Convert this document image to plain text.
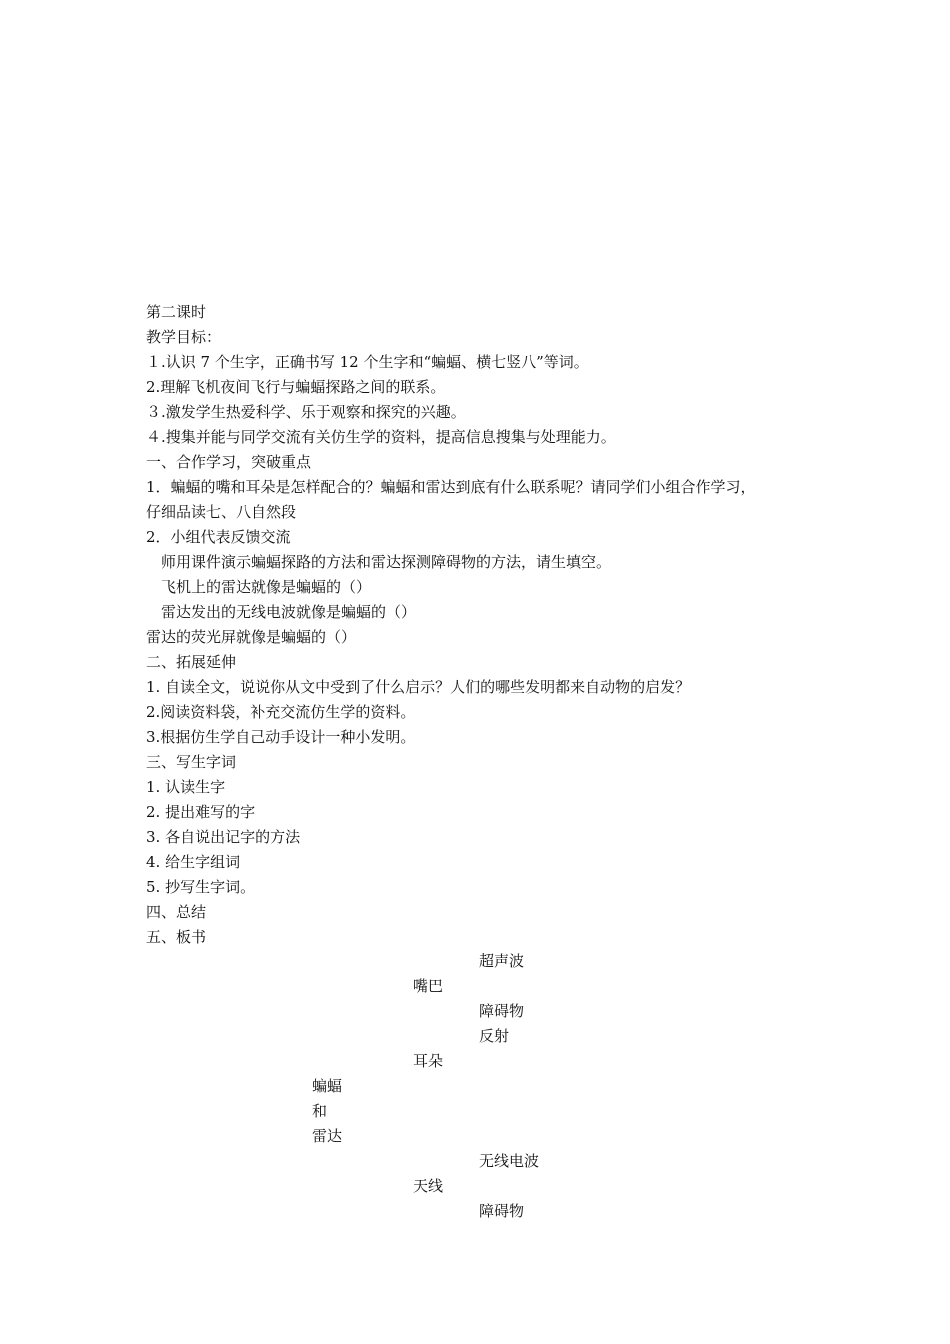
第二课时
教学目标：
１.认识 7 个生字，正确书写 12 个生字和“蝙蝠、横七竖八”等词。
2.理解飞机夜间飞行与蝙蝠探路之间的联系。
３.激发学生热爱科学、乐于观察和探究的兴趣。
４.搜集并能与同学交流有关仿生学的资料，提高信息搜集与处理能力。
一、合作学习，突破重点
1．蝙蝠的嘴和耳朵是怎样配合的？蝙蝠和雷达到底有什么联系呢？请同学们小组合作学习，
仔细品读七、八自然段
2．小组代表反馈交流
师用课件演示蝙蝠探路的方法和雷达探测障碍物的方法，请生填空。
飞机上的雷达就像是蝙蝠的（）
雷达发出的无线电波就像是蝙蝠的（）
雷达的荧光屏就像是蝙蝠的（）
二、拓展延伸
1. 自读全文，说说你从文中受到了什么启示？人们的哪些发明都来自动物的启发？
2.阅读资料袋，补充交流仿生学的资料。
3.根据仿生学自己动手设计一种小发明。
三、写生字词
1. 认读生字
2. 提出难写的字
3. 各自说出记字的方法
4. 给生字组词
5. 抄写生字词。
四、总结
五、板书
超声波
嘴巴
障碍物
反射
耳朵
蝙蝠
和
雷达
无线电波
天线
障碍物
